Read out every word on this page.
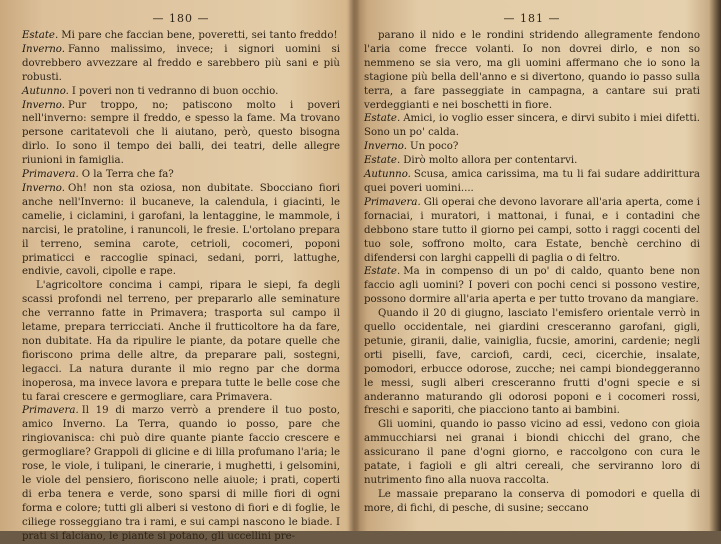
— 180 —

Estate. Mi pare che faccian bene, poveretti, sei tanto freddo!

Inverno. Fanno malissimo, invece; i signori uomini si dovrebbero avvezzare al freddo e sarebbero più sani e più robusti.

Autunno. I poveri non ti vedranno di buon occhio.

Inverno. Pur troppo, no; patiscono molto i poveri nell'inverno: sempre il freddo, e spesso la fame. Ma trovano persone caritatevoli che li aiutano, però, questo bisogna dirlo. Io sono il tempo dei balli, dei teatri, delle allegre riunioni in famiglia.

Primavera. O la Terra che fa?

Inverno. Oh! non sta oziosa, non dubitate. Sbocciano fiori anche nell'Inverno: il bucaneve, la calendula, i giacinti, le camelie, i ciclamini, i garofani, la lentaggine, le mammole, i narcisi, le pratoline, i ranuncoli, le fresie. L'ortolano prepara il terreno, semina carote, cetrioli, cocomeri, poponi primaticci e raccoglie spinaci, sedani, porri, lattughe, endivie, cavoli, cipolle e rape.

L'agricoltore concima i campi, ripara le siepi, fa degli scassi profondi nel terreno, per prepararlo alle seminature che verranno fatte in Primavera; trasporta sul campo il letame, prepara terricciati. Anche il frutticoltore ha da fare, non dubitate. Ha da ripulire le piante, da potare quelle che fioriscono prima delle altre, da preparare pali, sostegni, legacci. La natura durante il mio regno par che dorma inoperosa, ma invece lavora e prepara tutte le belle cose che tu farai crescere e germogliare, cara Primavera.

Primavera. Il 19 di marzo verrò a prendere il tuo posto, amico Inverno. La Terra, quando io posso, pare che ringiovanisca: chi può dire quante piante faccio crescere e germogliare? Grappoli di glicine e di lilla profumano l'aria; le rose, le viole, i tulipani, le cinerarie, i mughetti, i gelsomini, le viole del pensiero, fioriscono nelle aiuole; i prati, coperti di erba tenera e verde, sono sparsi di mille fiori di ogni forma e colore; tutti gli alberi si vestono di fiori e di foglie, le ciliege rosseggiano tra i rami, e sui campi nascono le biade. I prati si falciano, le piante si potano, gli uccellini pre-

— 181 —

parano il nido e le rondini stridendo allegramente fendono l'aria come frecce volanti. Io non dovrei dirlo, e non so nemmeno se sia vero, ma gli uomini affermano che io sono la stagione più bella dell'anno e si divertono, quando io passo sulla terra, a fare passeggiate in campagna, a cantare sui prati verdeggianti e nei boschetti in fiore.

Estate. Amici, io voglio esser sincera, e dirvi subito i miei difetti. Sono un po' calda.

Inverno. Un poco?

Estate. Dirò molto allora per contentarvi.

Autunno. Scusa, amica carissima, ma tu li fai sudare addirittura quei poveri uomini....

Primavera. Gli operai che devono lavorare all'aria aperta, come i fornaciai, i muratori, i mattonai, i funai, e i contadini che debbono stare tutto il giorno pei campi, sotto i raggi cocenti del tuo sole, soffrono molto, cara Estate, benchè cerchino di difendersi con larghi cappelli di paglia o di feltro.

Estate. Ma in compenso di un po' di caldo, quanto bene non faccio agli uomini? I poveri con pochi cenci si possono vestire, possono dormire all'aria aperta e per tutto trovano da mangiare.

Quando il 20 di giugno, lasciato l'emisfero orientale verrò in quello occidentale, nei giardini cresceranno garofani, gigli, petunie, giranii, dalie, vainiglia, fucsie, amorini, cardenie; negli orti piselli, fave, carciofi, cardi, ceci, cicerchie, insalate, pomodori, erbucce odorose, zucche; nei campi biondeggeranno le messi, sugli alberi cresceranno frutti d'ogni specie e si anderanno maturando gli odorosi poponi e i cocomeri rossi, freschi e saporiti, che piacciono tanto ai bambini.

Gli uomini, quando io passo vicino ad essi, vedono con gioia ammucchiarsi nei granai i biondi chicchi del grano, che assicurano il pane d'ogni giorno, e raccolgono con cura le patate, i fagioli e gli altri cereali, che serviranno loro di nutrimento fino alla nuova raccolta.

Le massaie preparano la conserva di pomodori e quella di more, di fichi, di pesche, di susine; seccano
